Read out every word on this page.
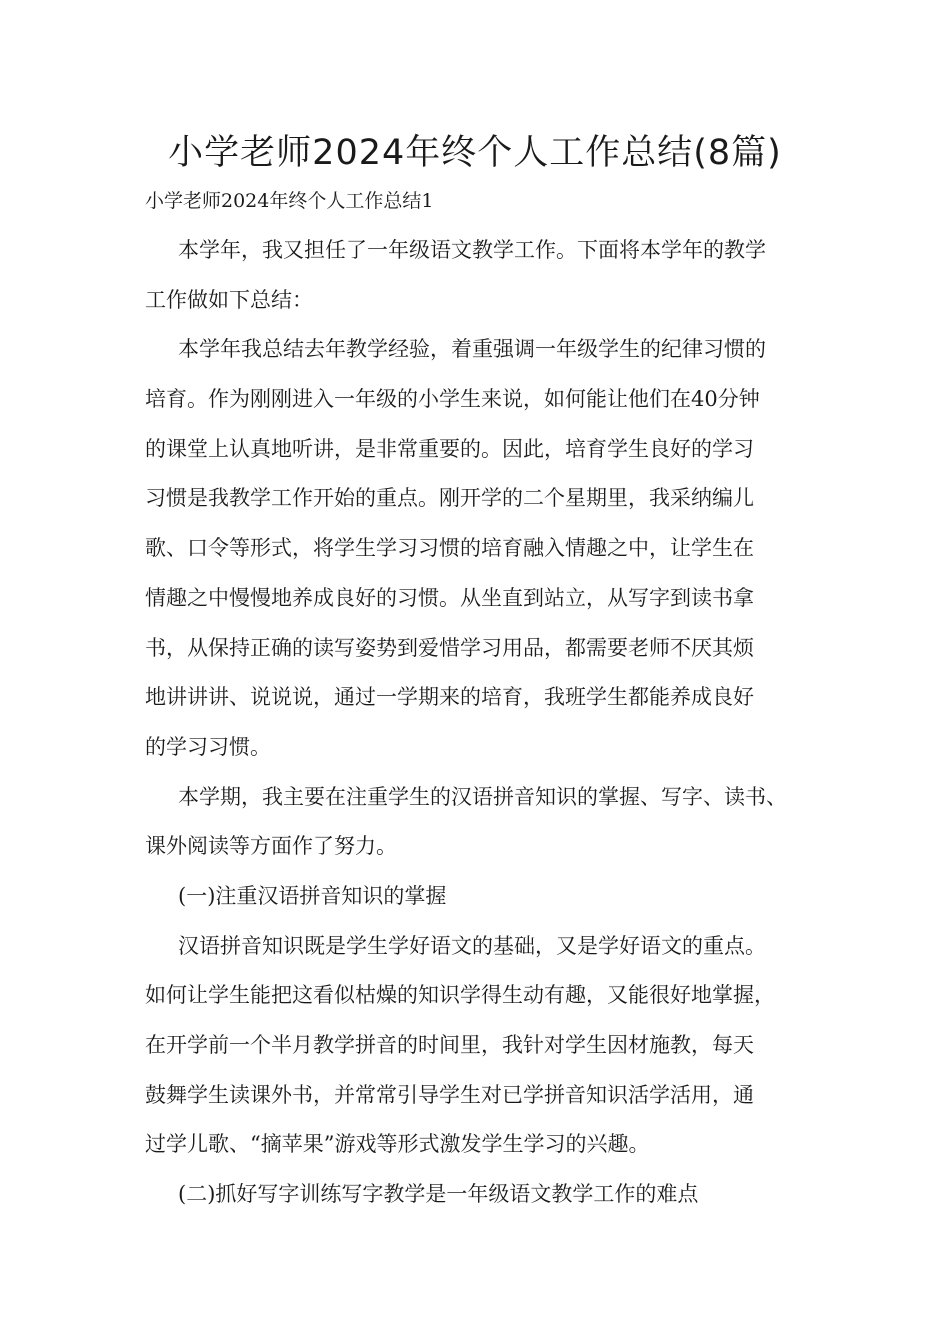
小学老师2024年终个人工作总结(8篇)
小学老师2024年终个人工作总结1
本学年，我又担任了一年级语文教学工作。下面将本学年的教学
工作做如下总结：
本学年我总结去年教学经验，着重强调一年级学生的纪律习惯的
培育。作为刚刚进入一年级的小学生来说，如何能让他们在40分钟
的课堂上认真地听讲，是非常重要的。因此，培育学生良好的学习
习惯是我教学工作开始的重点。刚开学的二个星期里，我采纳编儿
歌、口令等形式，将学生学习习惯的培育融入情趣之中，让学生在
情趣之中慢慢地养成良好的习惯。从坐直到站立，从写字到读书拿
书，从保持正确的读写姿势到爱惜学习用品，都需要老师不厌其烦
地讲讲讲、说说说，通过一学期来的培育，我班学生都能养成良好
的学习习惯。
本学期，我主要在注重学生的汉语拼音知识的掌握、写字、读书、
课外阅读等方面作了努力。
(一)注重汉语拼音知识的掌握
汉语拼音知识既是学生学好语文的基础，又是学好语文的重点。
如何让学生能把这看似枯燥的知识学得生动有趣，又能很好地掌握，
在开学前一个半月教学拼音的时间里，我针对学生因材施教，每天
鼓舞学生读课外书，并常常引导学生对已学拼音知识活学活用，通
过学儿歌、“摘苹果”游戏等形式激发学生学习的兴趣。
(二)抓好写字训练写字教学是一年级语文教学工作的难点
